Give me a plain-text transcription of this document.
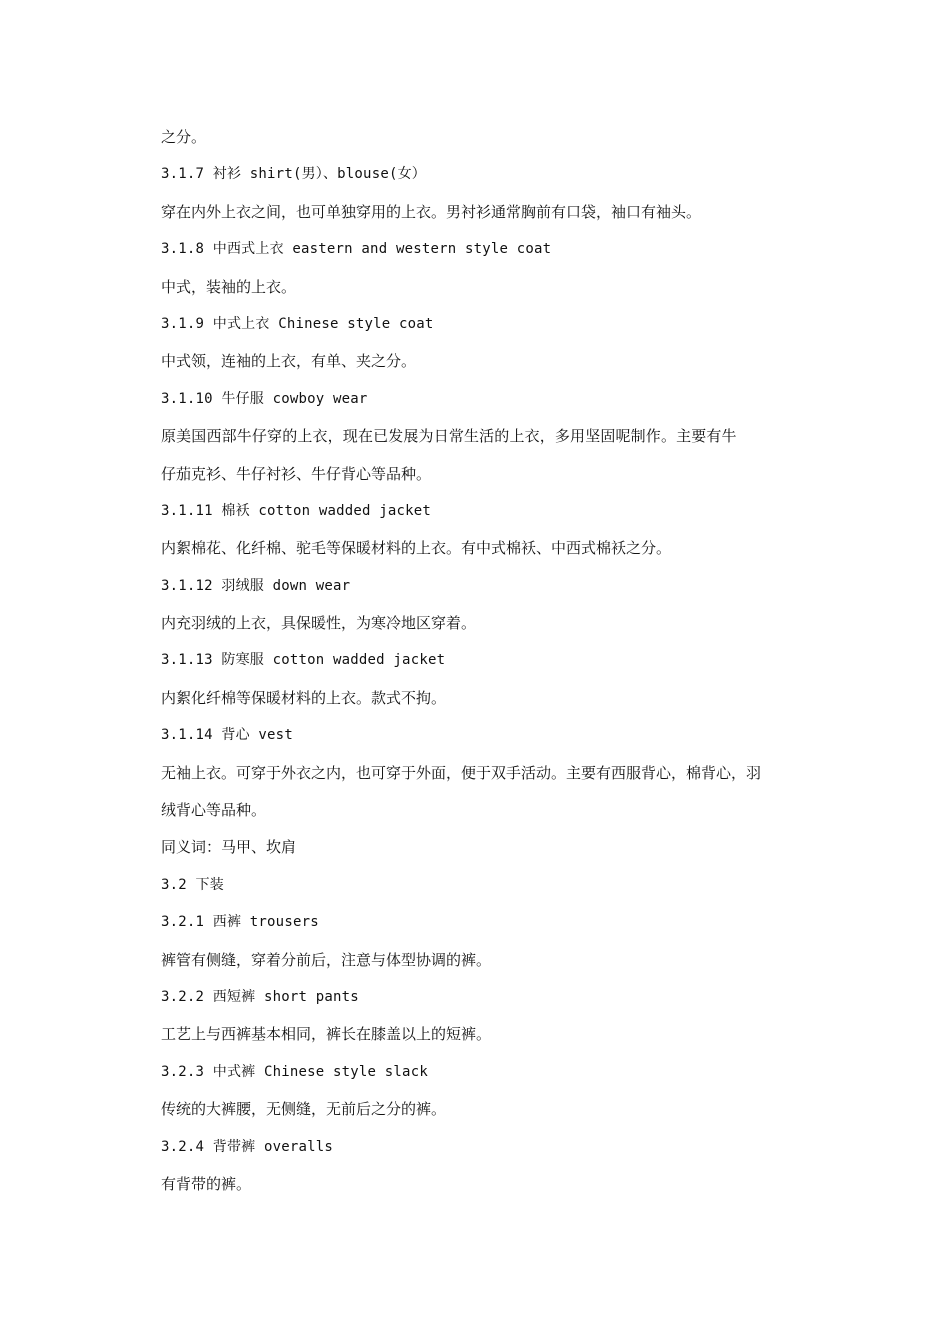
之分。
3.1.7 衬衫 shirt(男）、blouse(女）
穿在内外上衣之间，也可单独穿用的上衣。男衬衫通常胸前有口袋，袖口有袖头。
3.1.8 中西式上衣 eastern and western style coat
中式，装袖的上衣。
3.1.9 中式上衣 Chinese style coat
中式领，连袖的上衣，有单、夹之分。
3.1.10 牛仔服 cowboy wear
原美国西部牛仔穿的上衣，现在已发展为日常生活的上衣，多用坚固呢制作。主要有牛
仔茄克衫、牛仔衬衫、牛仔背心等品种。
3.1.11 棉袄 cotton wadded jacket
内絮棉花、化纤棉、驼毛等保暖材料的上衣。有中式棉袄、中西式棉袄之分。
3.1.12 羽绒服 down wear
内充羽绒的上衣，具保暖性，为寒冷地区穿着。
3.1.13 防寒服 cotton wadded jacket
内絮化纤棉等保暖材料的上衣。款式不拘。
3.1.14 背心 vest
无袖上衣。可穿于外衣之内，也可穿于外面，便于双手活动。主要有西服背心，棉背心，羽
绒背心等品种。
同义词：马甲、坎肩
3.2 下装
3.2.1 西裤 trousers
裤管有侧缝，穿着分前后，注意与体型协调的裤。
3.2.2 西短裤 short pants
工艺上与西裤基本相同，裤长在膝盖以上的短裤。
3.2.3 中式裤 Chinese style slack
传统的大裤腰，无侧缝，无前后之分的裤。
3.2.4 背带裤 overalls
有背带的裤。
